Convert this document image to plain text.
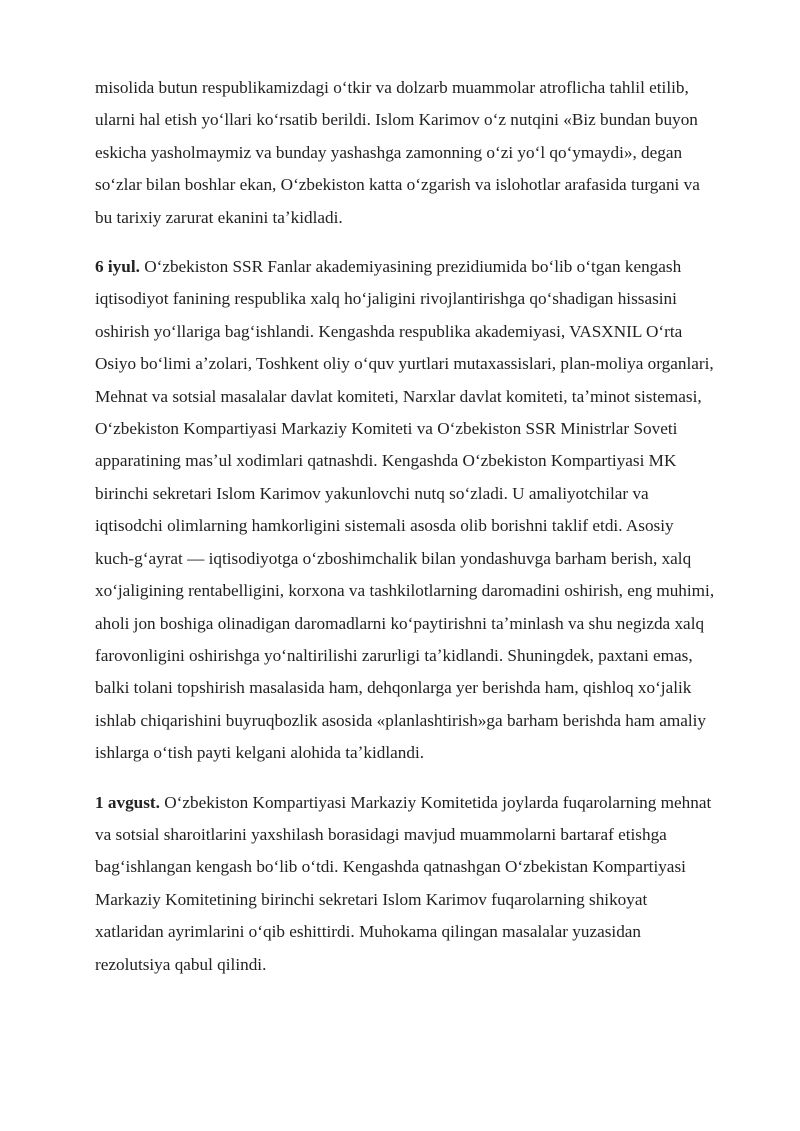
misolida butun respublikamizdagi oʻtkir va dolzarb muammolar atroflicha tahlil etilib, ularni hal etish yoʻllari koʻrsatib berildi. Islom Karimov oʻz nutqini «Biz bundan buyon eskicha yasholmaymiz va bunday yashashga zamonning oʻzi yoʻl qoʻymaydi», degan soʻzlar bilan boshlar ekan, Oʻzbekiston katta oʻzgarish va islohotlar arafasida turgani va bu tarixiy zarurat ekanini taʼkidladi.

6 iyul. Oʻzbekiston SSR Fanlar akademiyasining prezidiumida boʻlib oʻtgan kengash iqtisodiyot fanining respublika xalq hoʻjaligini rivojlantirishga qoʻshadigan hissasini oshirish yoʻllariga bagʻishlandi. Kengashda respublika akademiyasi, VASXNIL Oʻrta Osiyo boʻlimi aʼzolari, Toshkent oliy oʻquv yurtlari mutaxassislari, plan-moliya organlari, Mehnat va sotsial masalalar davlat komiteti, Narxlar davlat komiteti, taʼminot sistemasi, Oʻzbekiston Kompartiyasi Markaziy Komiteti va Oʻzbekiston SSR Ministrlar Soveti apparatining masʼul xodimlari qatnashdi. Kengashda Oʻzbekiston Kompartiyasi MK birinchi sekretari Islom Karimov yakunlovchi nutq soʻzladi. U amaliyotchilar va iqtisodchi olimlarning hamkorligini sistemali asosda olib borishni taklif etdi. Asosiy kuch-gʻayrat — iqtisodiyotga oʻzboshimchalik bilan yondashuvga barham berish, xalq xoʻjaligining rentabelligini, korxona va tashkilotlarning daromadini oshirish, eng muhimi, aholi jon boshiga olinadigan daromadlarni koʻpaytirishni taʼminlash va shu negizda xalq farovonligini oshirishga yoʻnaltirilishi zarurligi taʼkidlandi. Shuningdek, paxtani emas, balki tolani topshirish masalasida ham, dehqonlarga yer berishda ham, qishloq xoʻjalik ishlab chiqarishini buyruqbozlik asosida «planlashtirish»ga barham berishda ham amaliy ishlarga oʻtish payti kelgani alohida taʼkidlandi.

1 avgust. Oʻzbekiston Kompartiyasi Markaziy Komitetida joylarda fuqarolarning mehnat va sotsial sharoitlarini yaxshilash borasidagi mavjud muammolarni bartaraf etishga bagʻishlangan kengash boʻlib oʻtdi. Kengashda qatnashgan Oʻzbekistan Kompartiyasi Markaziy Komitetining birinchi sekretari Islom Karimov fuqarolarning shikoyat xatlaridan ayrimlarini oʻqib eshittirdi. Muhokama qilingan masalalar yuzasidan rezolutsiya qabul qilindi.
